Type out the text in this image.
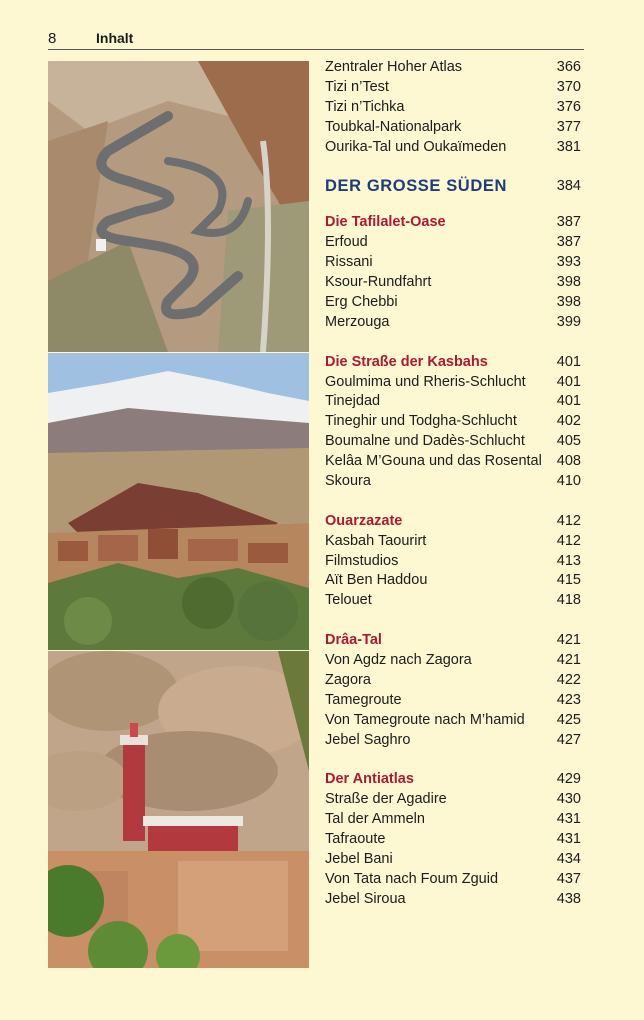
8	Inhalt
Zentraler Hoher Atlas	366
Tizi n’Test	370
Tizi n’Tichka	376
Toubkal-Nationalpark	377
Ourika-Tal und Oukaïmeden	381
DER GROSSE SÜDEN	384
Die Tafilalet-Oase	387
Erfoud	387
Rissani	393
Ksour-Rundfahrt	398
Erg Chebbi	398
Merzouga	399
Die Straße der Kasbahs	401
Goulmima und Rheris-Schlucht 401
Tinejdad	401
Tineghir und Todgha-Schlucht	402
Boumalne und Dadès-Schlucht 405
Kelâa M’Gouna und das Rosental 408
Skoura	410
Ouarzazate	412
Kasbah Taourirt	412
Filmstudios	413
Aït Ben Haddou	415
Telouet	418
Drâa-Tal	421
Von Agdz nach Zagora	421
Zagora	422
Tamegroute	423
Von Tamegroute nach M’hamid 425
Jebel Saghro	427
Der Antiatlas	429
Straße der Agadire	430
Tal der Ammeln	431
Tafraoute	431
Jebel Bani	434
Von Tata nach Foum Zguid	437
Jebel Siroua	438
